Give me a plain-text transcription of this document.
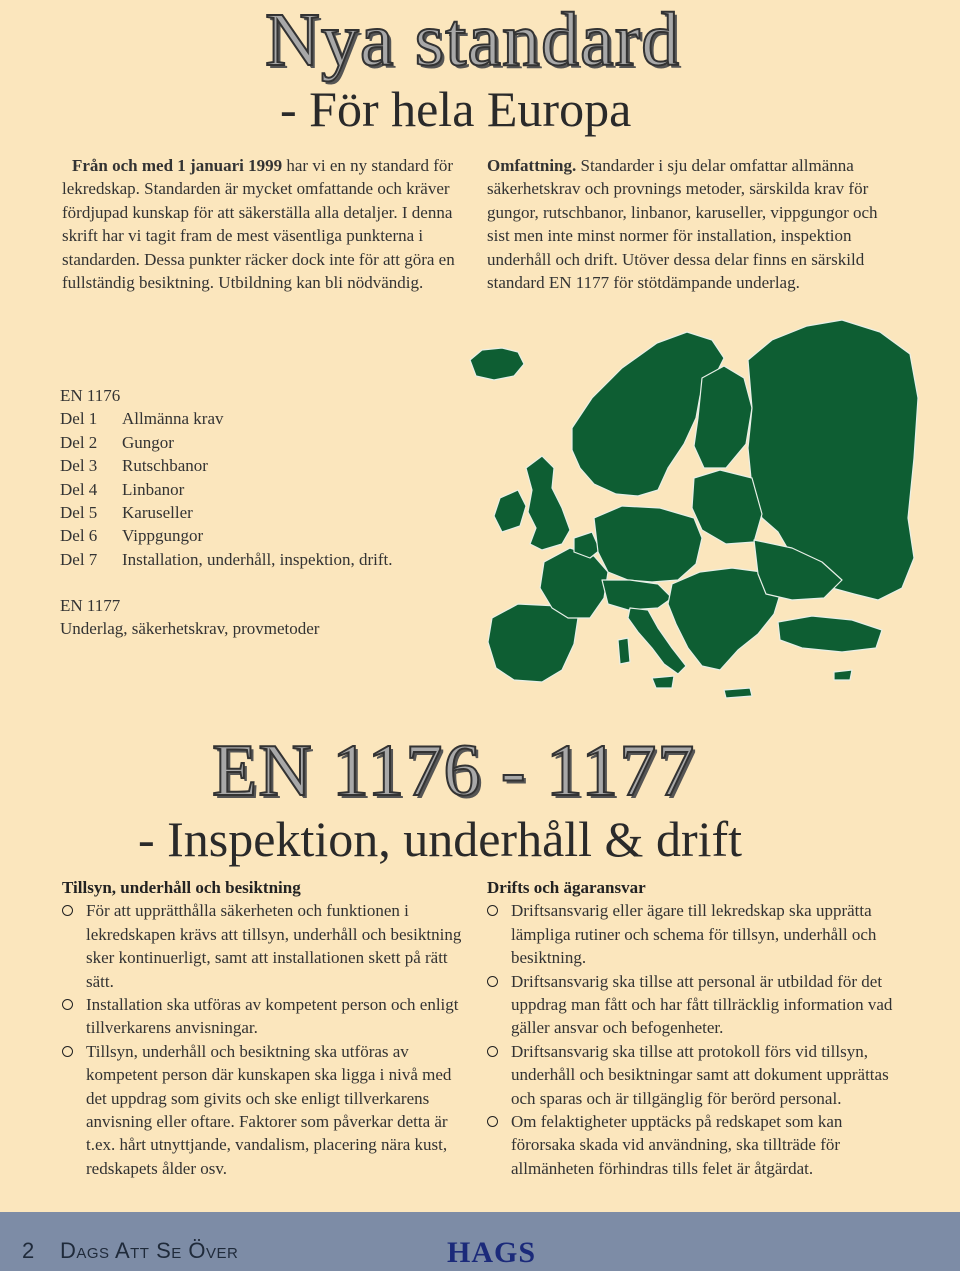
Nya standard
- För hela Europa
Från och med 1 januari 1999 har vi en ny standard för lekredskap. Standarden är mycket omfattande och kräver fördjupad kunskap för att säkerställa alla detaljer. I denna skrift har vi tagit fram de mest väsentliga punkterna i standarden. Dessa punkter räcker dock inte för att göra en fullständig besiktning. Utbildning kan bli nödvändig.
Omfattning. Standarder i sju delar omfattar allmänna säkerhetskrav och provnings metoder, särskilda krav för gungor, rutschbanor, linbanor, karuseller, vippgungor och sist men inte minst normer för installation, inspektion underhåll och drift. Utöver dessa delar finns en särskild standard EN 1177 för stötdämpande underlag.
EN 1176
Del 1	Allmänna krav
Del 2	Gungor
Del 3	Rutschbanor
Del 4	Linbanor
Del 5	Karuseller
Del 6	Vippgungor
Del 7	Installation, underhåll, inspektion, drift.
EN 1177
Underlag, säkerhetskrav, provmetoder
EN 1176 - 1177
- Inspektion, underhåll & drift
Tillsyn, underhåll och besiktning
För att upprätthålla säkerheten och funktionen i lekredskapen krävs att tillsyn, underhåll och besiktning sker kontinuerligt, samt att installationen skett på rätt sätt.
Installation ska utföras av kompetent person och enligt tillverkarens anvisningar.
Tillsyn, underhåll och besiktning ska utföras av kompetent person där kunskapen ska ligga i nivå med det uppdrag som givits och ske enligt tillverkarens anvisning eller oftare. Faktorer som påverkar detta är t.ex. hårt utnyttjande, vandalism, placering nära kust, redskapets ålder osv.
Drifts och ägaransvar
Driftsansvarig eller ägare till lekredskap ska upprätta lämpliga rutiner och schema för tillsyn, underhåll och besiktning.
Driftsansvarig ska tillse att personal är utbildad för det uppdrag man fått och har fått tillräcklig information vad gäller ansvar och befogenheter.
Driftsansvarig ska tillse att protokoll förs vid tillsyn, underhåll och besiktningar samt att dokument upprättas och sparas och är tillgänglig för berörd personal.
Om felaktigheter upptäcks på redskapet som kan förorsaka skada vid användning, ska tillträde för allmänheten förhindras tills felet är åtgärdat.
2 Dags Att Se Över	HAGS
